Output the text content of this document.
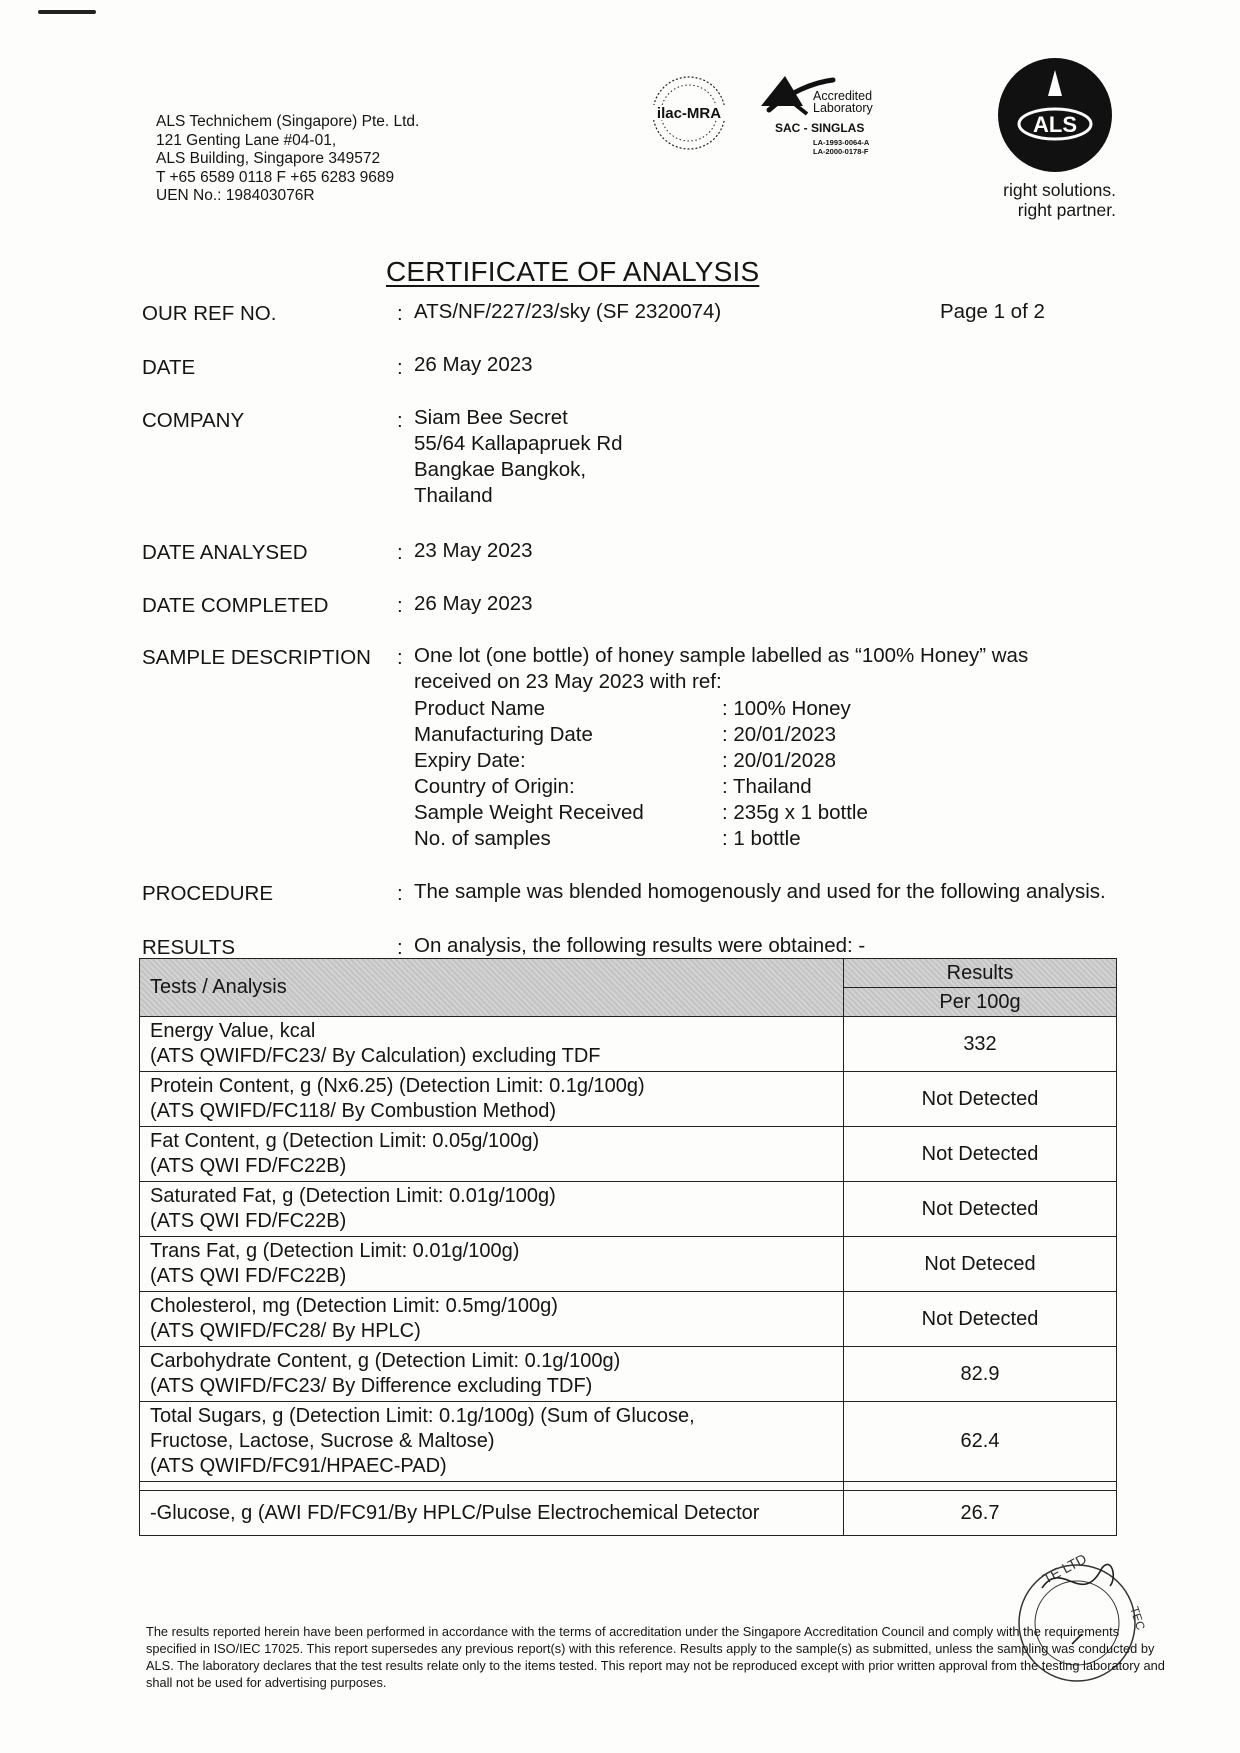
ALS Technichem (Singapore) Pte. Ltd.
121 Genting Lane #04-01,
ALS Building, Singapore 349572
T +65 6589 0118 F +65 6283 9689
UEN No.: 198403076R
ilac-MRA
Accredited
Laboratory
SAC - SINGLAS
LA-1993-0064-A
LA-2000-0178-F
ALS
right solutions.
right partner.
CERTIFICATE OF ANALYSIS
OUR REF NO.	: ATS/NF/227/23/sky (SF 2320074)	Page 1 of 2
DATE	: 26 May 2023
COMPANY	: Siam Bee Secret
55/64 Kallapapruek Rd
Bangkae Bangkok,
Thailand
DATE ANALYSED	: 23 May 2023
DATE COMPLETED	: 26 May 2023
SAMPLE DESCRIPTION : One lot (one bottle) of honey sample labelled as “100% Honey” was
received on 23 May 2023 with ref:
Product Name	: 100% Honey
Manufacturing Date	: 20/01/2023
Expiry Date:	: 20/01/2028
Country of Origin:	: Thailand
Sample Weight Received	: 235g x 1 bottle
No. of samples	: 1 bottle
PROCEDURE	: The sample was blended homogenously and used for the following analysis.
RESULTS	: On analysis, the following results were obtained: -
Tests / Analysis	Results
	Per 100g

Energy Value, kcal
(ATS QWIFD/FC23/ By Calculation) excluding TDF	332

Protein Content, g (Nx6.25) (Detection Limit: 0.1g/100g)
(ATS QWIFD/FC118/ By Combustion Method)	Not Detected

Fat Content, g (Detection Limit: 0.05g/100g)
(ATS QWI FD/FC22B)	Not Detected

Saturated Fat, g (Detection Limit: 0.01g/100g)
(ATS QWI FD/FC22B)	Not Detected

Trans Fat, g (Detection Limit: 0.01g/100g)
(ATS QWI FD/FC22B)	Not Deteced

Cholesterol, mg (Detection Limit: 0.5mg/100g)
(ATS QWIFD/FC28/ By HPLC)	Not Detected

Carbohydrate Content, g (Detection Limit: 0.1g/100g)
(ATS QWIFD/FC23/ By Difference excluding TDF)	82.9

Total Sugars, g (Detection Limit: 0.1g/100g) (Sum of Glucose,
Fructose, Lactose, Sucrose & Maltose)
(ATS QWIFD/FC91/HPAEC-PAD)	62.4

-Glucose, g (AWI FD/FC91/By HPLC/Pulse Electrochemical Detector	26.7
TE LTD
TEC
The results reported herein have been performed in accordance with the terms of accreditation under the Singapore Accreditation Council and comply with the requirements specified in ISO/IEC 17025. This report supersedes any previous report(s) with this reference. Results apply to the sample(s) as submitted, unless the sampling was conducted by ALS. The laboratory declares that the test results relate only to the items tested. This report may not be reproduced except with prior written approval from the testing laboratory and shall not be used for advertising purposes.
